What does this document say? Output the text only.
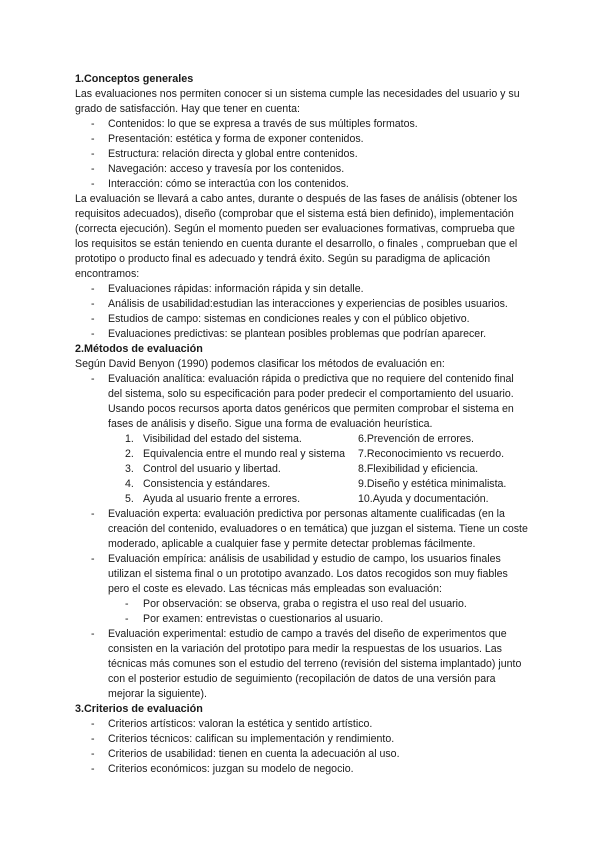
1.Conceptos generales

Las evaluaciones nos permiten conocer si un sistema cumple las necesidades del usuario y su grado de satisfacción. Hay que tener en cuenta:

- Contenidos: lo que se expresa a través de sus múltiples formatos.
- Presentación: estética y forma de exponer contenidos.
- Estructura: relación directa y global entre contenidos.
- Navegación: acceso y travesía por los contenidos.
- Interacción: cómo se interactúa con los contenidos.

La evaluación se llevará a cabo antes, durante o después de las fases de análisis (obtener los requisitos adecuados), diseño (comprobar que el sistema está bien definido), implementación (correcta ejecución). Según el momento pueden ser evaluaciones formativas, comprueba que los requisitos se están teniendo en cuenta durante el desarrollo, o finales , comprueban que el prototipo o producto final es adecuado y tendrá éxito. Según su paradigma de aplicación encontramos:

- Evaluaciones rápidas: información rápida y sin detalle.
- Análisis de usabilidad:estudian las interacciones y experiencias de posibles usuarios.
- Estudios de campo: sistemas en condiciones reales y con el público objetivo.
- Evaluaciones predictivas: se plantean posibles problemas que podrían aparecer.
2.Métodos de evaluación

Según David Benyon (1990) podemos clasificar los métodos de evaluación en:

- Evaluación analítica: evaluación rápida o predictiva que no requiere del contenido final del sistema, solo su especificación para poder predecir el comportamiento del usuario. Usando pocos recursos aporta datos genéricos que permiten comprobar el sistema en fases de análisis y diseño. Sigue una forma de evaluación heurística.
1.	Visibilidad del estado del sistema.	6.Prevención de errores.
2.	Equivalencia entre el mundo real y sistema	7.Reconocimiento vs recuerdo.
3.	Control del usuario y libertad.	8.Flexibilidad y eficiencia.
4.	Consistencia y estándares.	9.Diseño y estética minimalista.
5.	Ayuda al usuario frente a errores.	10.Ayuda y documentación.
- Evaluación experta: evaluación predictiva por personas altamente cualificadas (en la creación del contenido, evaluadores o en temática) que juzgan el sistema. Tiene un coste moderado, aplicable a cualquier fase y permite detectar problemas fácilmente.
- Evaluación empírica: análisis de usabilidad y estudio de campo, los usuarios finales utilizan el sistema final o un prototipo avanzado. Los datos recogidos son muy fiables pero el coste es elevado. Las técnicas más empleadas son evaluación:
- Por observación: se observa, graba o registra el uso real del usuario.
- Por examen: entrevistas o cuestionarios al usuario.
- Evaluación experimental: estudio de campo a través del diseño de experimentos que consisten en la variación del prototipo para medir la respuestas de los usuarios. Las técnicas más comunes son el estudio del terreno (revisión del sistema implantado) junto con el posterior estudio de seguimiento (recopilación de datos de una versión para mejorar la siguiente).
3.Criterios de evaluación
- Criterios artísticos: valoran la estética y sentido artístico.
- Criterios técnicos: califican su implementación y rendimiento.
- Criterios de usabilidad: tienen en cuenta la adecuación al uso.
- Criterios económicos: juzgan su modelo de negocio.
